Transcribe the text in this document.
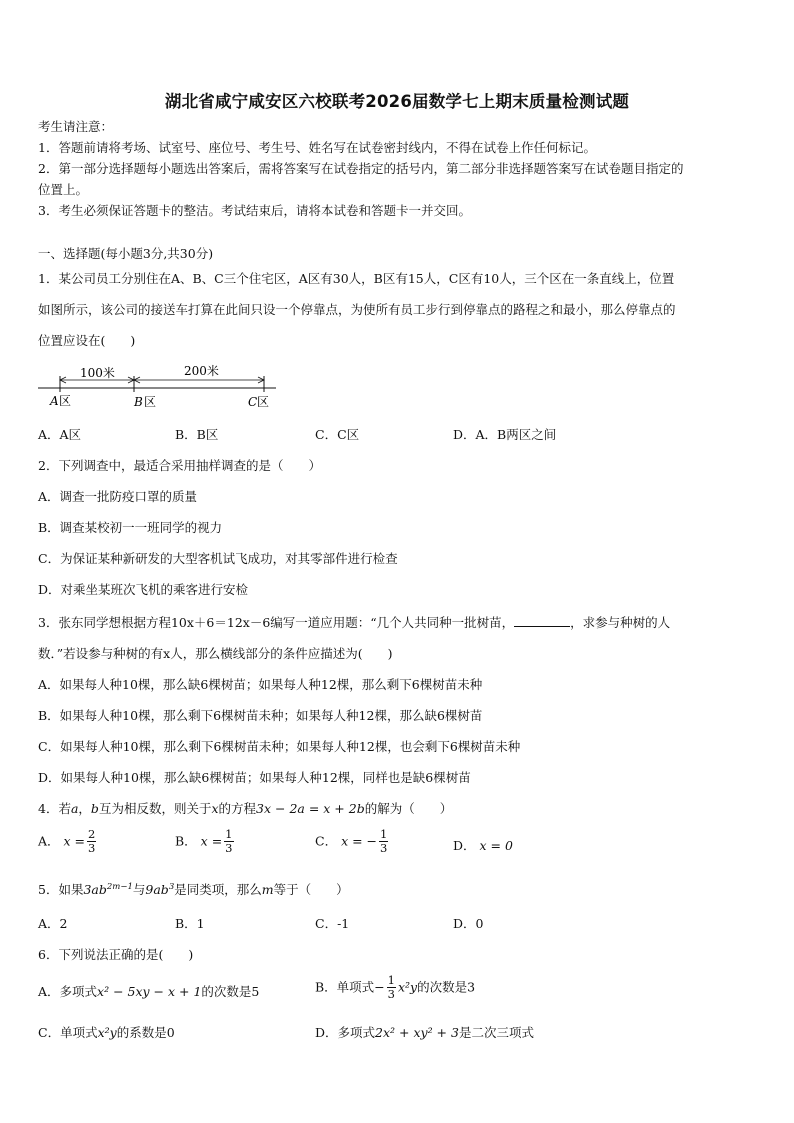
湖北省咸宁咸安区六校联考2026届数学七上期末质量检测试题
考生请注意：
1．答题前请将考场、试室号、座位号、考生号、姓名写在试卷密封线内，不得在试卷上作任何标记。
2．第一部分选择题每小题选出答案后，需将答案写在试卷指定的括号内，第二部分非选择题答案写在试卷题目指定的
位置上。
3．考生必须保证答题卡的整洁。考试结束后，请将本试卷和答题卡一并交回。
一、选择题(每小题3分,共30分)
1．某公司员工分别住在A、B、C三个住宅区，A区有30人，B区有15人，C区有10人，三个区在一条直线上，位置
如图所示，该公司的接送车打算在此间只设一个停靠点，为使所有员工步行到停靠点的路程之和最小，那么停靠点的
位置应设在(　　)
100米	200米
A 区	B 区	C 区
A．A区	B．B区	C．C区	D．A．B两区之间
2．下列调查中，最适合采用抽样调查的是（　　）
A．调查一批防疫口罩的质量
B．调查某校初一一班同学的视力
C．为保证某种新研发的大型客机试飞成功，对其零部件进行检查
D．对乘坐某班次飞机的乘客进行安检
3．张东同学想根据方程10x＋6＝12x－6编写一道应用题：“几个人共同种一批树苗，	，求参与种树的人
数．”若设参与种树的有x人，那么横线部分的条件应描述为(　　)
A．如果每人种10棵，那么缺6棵树苗；如果每人种12棵，那么剩下6棵树苗未种
B．如果每人种10棵，那么剩下6棵树苗未种；如果每人种12棵，那么缺6棵树苗
C．如果每人种10棵，那么剩下6棵树苗未种；如果每人种12棵，也会剩下6棵树苗未种
D．如果每人种10棵，那么缺6棵树苗；如果每人种12棵，同样也是缺6棵树苗
4．若a，b互为相反数，则关于x的方程3x − 2a = x + 2b的解为（　　）
A． $x = \frac{2}{3}$	B． $x = \frac{1}{3}$	C． x = − $\frac{1}{3}$	D． x = 0
5．如果$3ab^{2m-1}$与$9ab^3$是同类项，那么m等于（　　）
A．2	B．1	C．-1	D．0
6．下列说法正确的是(　　)
A．多项式x² − 5xy − x + 1的次数是5	B．单项式− $\frac{1}{3} x^2y$的次数是3
C．单项式x²y的系数是0	D．多项式2x² + xy² + 3是二次三项式
